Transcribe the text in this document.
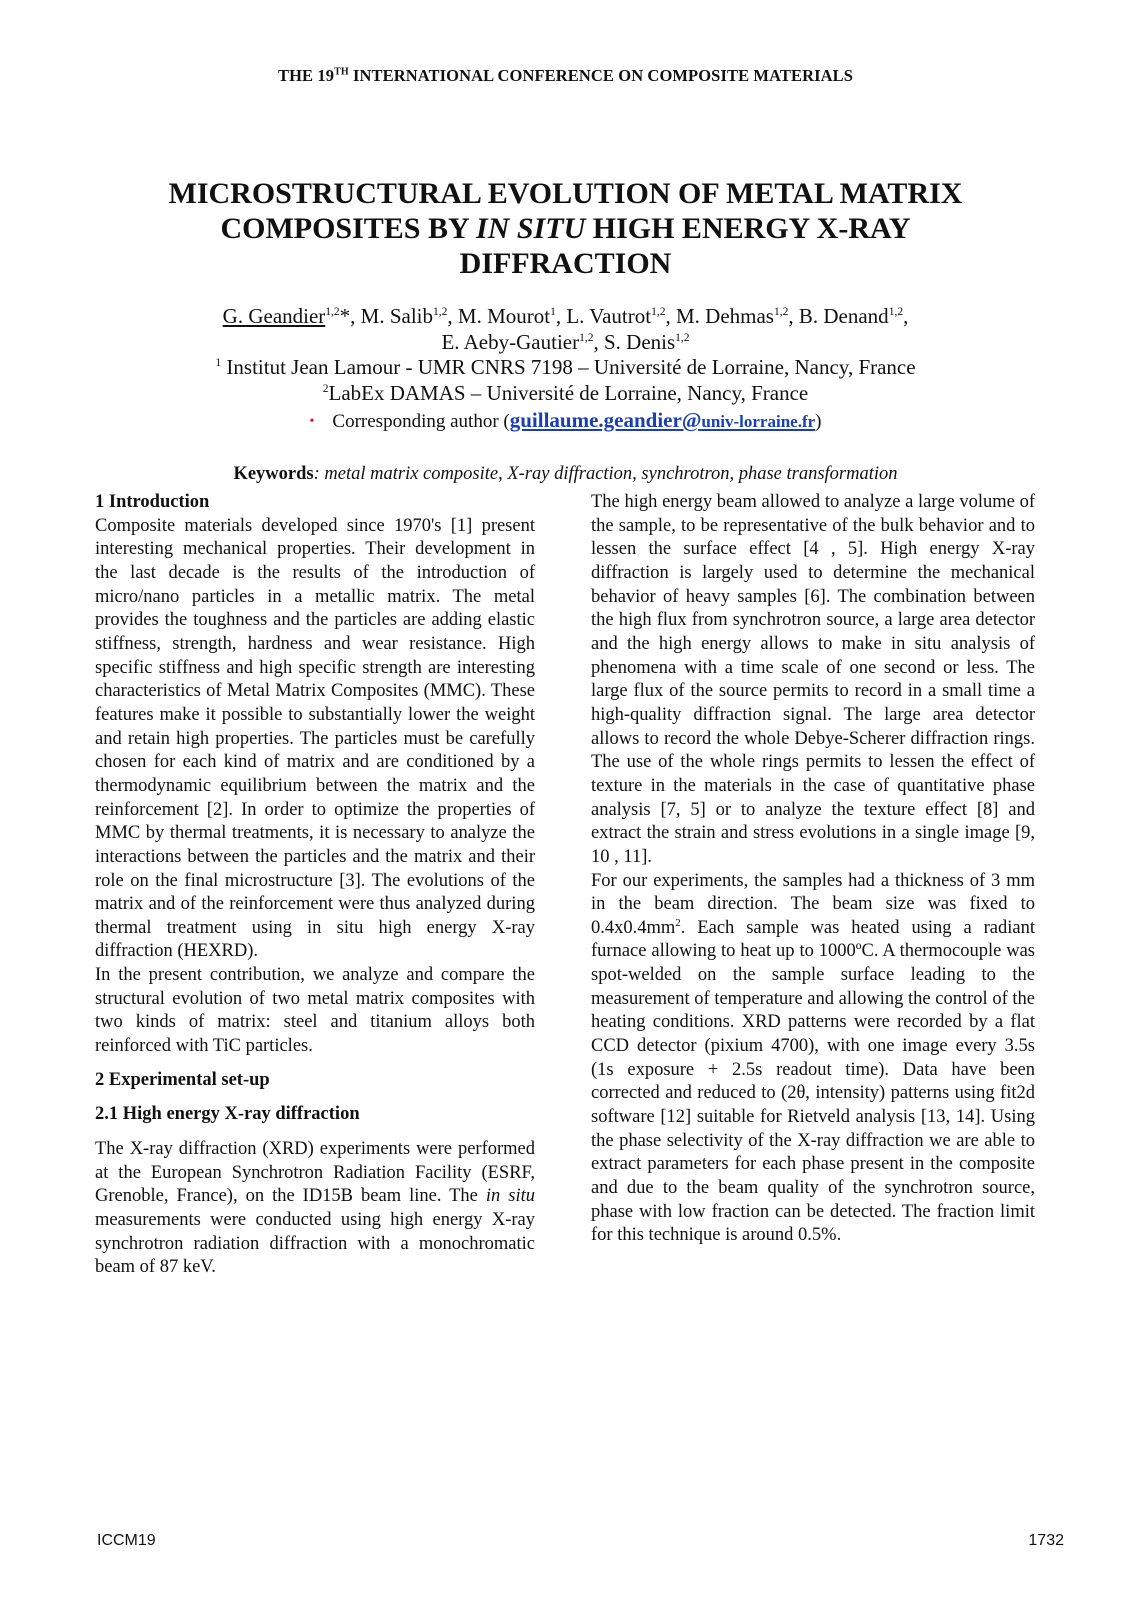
THE 19TH INTERNATIONAL CONFERENCE ON COMPOSITE MATERIALS
MICROSTRUCTURAL EVOLUTION OF METAL MATRIX
COMPOSITES BY IN SITU HIGH ENERGY X-RAY
DIFFRACTION
G. Geandier$^{1,2}$*, M. Salib$^{1,2}$, M. Mourot$^1$, L. Vautrot$^{1,2}$, M. Dehmas$^{1,2}$, B. Denand$^{1,2}$,
E. Aeby-Gautier$^{1,2}$, S. Denis$^{1,2}$
$^1$ Institut Jean Lamour - UMR CNRS 7198 – Université de Lorraine, Nancy, France
$^2$LabEx DAMAS – Université de Lorraine, Nancy, France
• Corresponding author (guillaume.geandier@univ-lorraine.fr)
Keywords: metal matrix composite, X-ray diffraction, synchrotron, phase transformation

1 Introduction

Composite materials developed since 1970's [1] present interesting mechanical properties. Their development in the last decade is the results of the introduction of micro/nano particles in a metallic matrix. The metal provides the toughness and the particles are adding elastic stiffness, strength, hardness and wear resistance. High specific stiffness and high specific strength are interesting characteristics of Metal Matrix Composites (MMC). These features make it possible to substantially lower the weight and retain high properties. The particles must be carefully chosen for each kind of matrix and are conditioned by a thermodynamic equilibrium between the matrix and the reinforcement [2]. In order to optimize the properties of MMC by thermal treatments, it is necessary to analyze the interactions between the particles and the matrix and their role on the final microstructure [3]. The evolutions of the matrix and of the reinforcement were thus analyzed during thermal treatment using in situ high energy X-ray diffraction (HEXRD).

In the present contribution, we analyze and compare the structural evolution of two metal matrix composites with two kinds of matrix: steel and titanium alloys both reinforced with TiC particles.

2 Experimental set-up

2.1 High energy X-ray diffraction

The X-ray diffraction (XRD) experiments were performed at the European Synchrotron Radiation Facility (ESRF, Grenoble, France), on the ID15B beam line. The in situ measurements were conducted using high energy X-ray synchrotron radiation diffraction with a monochromatic beam of 87 keV.

The high energy beam allowed to analyze a large volume of the sample, to be representative of the bulk behavior and to lessen the surface effect [4 , 5]. High energy X-ray diffraction is largely used to determine the mechanical behavior of heavy samples [6]. The combination between the high flux from synchrotron source, a large area detector and the high energy allows to make in situ analysis of phenomena with a time scale of one second or less. The large flux of the source permits to record in a small time a high-quality diffraction signal. The large area detector allows to record the whole Debye-Scherer diffraction rings. The use of the whole rings permits to lessen the effect of texture in the materials in the case of quantitative phase analysis [7, 5] or to analyze the texture effect [8] and extract the strain and stress evolutions in a single image [9, 10 , 11].

For our experiments, the samples had a thickness of 3 mm in the beam direction. The beam size was fixed to $0.4x0.4mm^2$. Each sample was heated using a radiant furnace allowing to heat up to 1000ºC. A thermocouple was spot-welded on the sample surface leading to the measurement of temperature and allowing the control of the heating conditions. XRD patterns were recorded by a flat CCD detector (pixium 4700), with one image every 3.5s (1s exposure + 2.5s readout time). Data have been corrected and reduced to (2θ, intensity) patterns using fit2d software [12] suitable for Rietveld analysis [13, 14]. Using the phase selectivity of the X-ray diffraction we are able to extract parameters for each phase present in the composite and due to the beam quality of the synchrotron source, phase with low fraction can be detected. The fraction limit for this technique is around 0.5%.

ICCM19	1732
